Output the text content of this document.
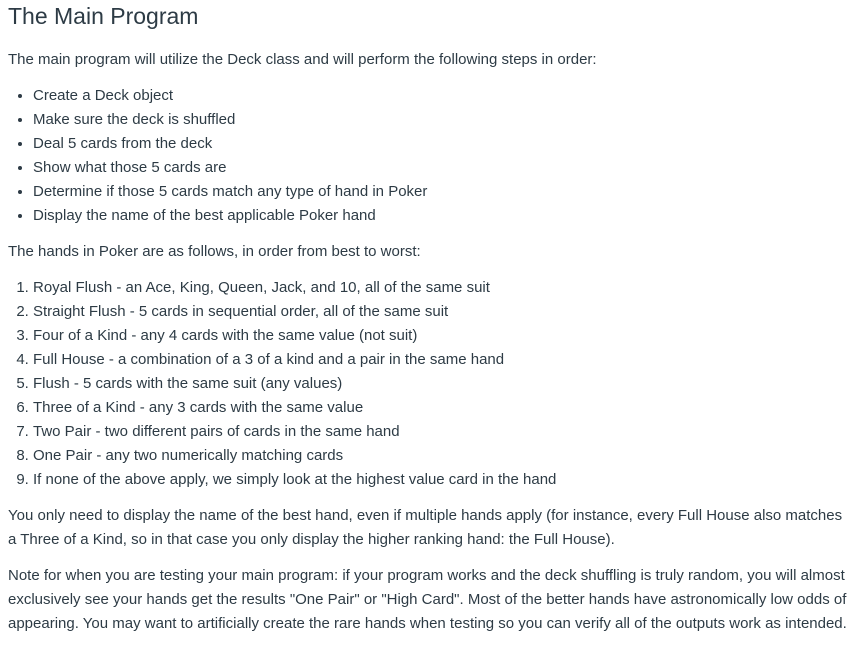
The Main Program

The main program will utilize the Deck class and will perform the following steps in order:

• Create a Deck object
• Make sure the deck is shuffled
• Deal 5 cards from the deck
• Show what those 5 cards are
• Determine if those 5 cards match any type of hand in Poker
• Display the name of the best applicable Poker hand

The hands in Poker are as follows, in order from best to worst:

1. Royal Flush - an Ace, King, Queen, Jack, and 10, all of the same suit
2. Straight Flush - 5 cards in sequential order, all of the same suit
3. Four of a Kind - any 4 cards with the same value (not suit)
4. Full House - a combination of a 3 of a kind and a pair in the same hand
5. Flush - 5 cards with the same suit (any values)
6. Three of a Kind - any 3 cards with the same value
7. Two Pair - two different pairs of cards in the same hand
8. One Pair - any two numerically matching cards
9. If none of the above apply, we simply look at the highest value card in the hand

You only need to display the name of the best hand, even if multiple hands apply (for instance, every Full House also matches a Three of a Kind, so in that case you only display the higher ranking hand: the Full House).

Note for when you are testing your main program: if your program works and the deck shuffling is truly random, you will almost exclusively see your hands get the results "One Pair" or "High Card". Most of the better hands have astronomically low odds of appearing. You may want to artificially create the rare hands when testing so you can verify all of the outputs work as intended.
